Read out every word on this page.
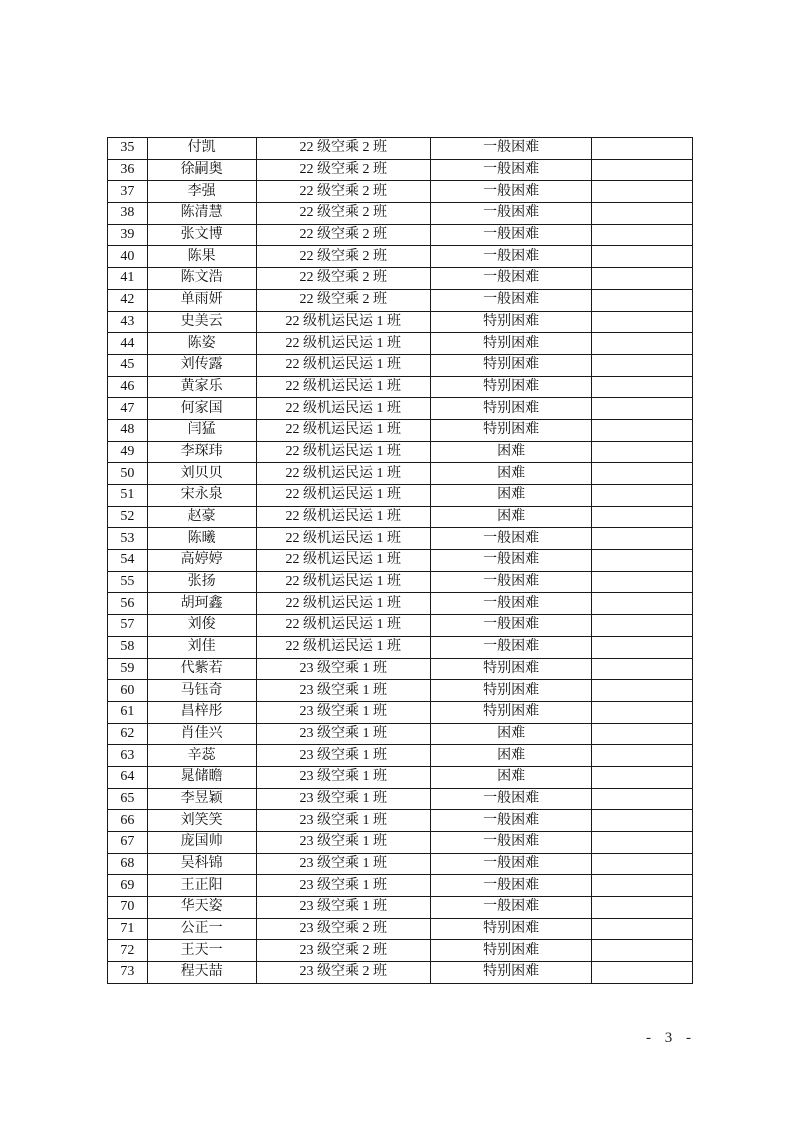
35	付凯	22 级空乘 2 班	一般困难	
36	徐嗣奥	22 级空乘 2 班	一般困难	
37	李强	22 级空乘 2 班	一般困难	
38	陈清慧	22 级空乘 2 班	一般困难	
39	张文博	22 级空乘 2 班	一般困难	
40	陈果	22 级空乘 2 班	一般困难	
41	陈文浩	22 级空乘 2 班	一般困难	
42	单雨妍	22 级空乘 2 班	一般困难	
43	史美云	22 级机运民运 1 班	特别困难	
44	陈姿	22 级机运民运 1 班	特别困难	
45	刘传露	22 级机运民运 1 班	特别困难	
46	黄家乐	22 级机运民运 1 班	特别困难	
47	何家国	22 级机运民运 1 班	特别困难	
48	闫猛	22 级机运民运 1 班	特别困难	
49	李琛玮	22 级机运民运 1 班	困难	
50	刘贝贝	22 级机运民运 1 班	困难	
51	宋永泉	22 级机运民运 1 班	困难	
52	赵豪	22 级机运民运 1 班	困难	
53	陈曦	22 级机运民运 1 班	一般困难	
54	高婷婷	22 级机运民运 1 班	一般困难	
55	张扬	22 级机运民运 1 班	一般困难	
56	胡珂鑫	22 级机运民运 1 班	一般困难	
57	刘俊	22 级机运民运 1 班	一般困难	
58	刘佳	22 级机运民运 1 班	一般困难	
59	代紫若	23 级空乘 1 班	特别困难	
60	马钰奇	23 级空乘 1 班	特别困难	
61	昌梓彤	23 级空乘 1 班	特别困难	
62	肖佳兴	23 级空乘 1 班	困难	
63	辛蕊	23 级空乘 1 班	困难	
64	晁储瞻	23 级空乘 1 班	困难	
65	李昱颖	23 级空乘 1 班	一般困难	
66	刘笑笑	23 级空乘 1 班	一般困难	
67	庞国帅	23 级空乘 1 班	一般困难	
68	吴科锦	23 级空乘 1 班	一般困难	
69	王正阳	23 级空乘 1 班	一般困难	
70	华天姿	23 级空乘 1 班	一般困难	
71	公正一	23 级空乘 2 班	特别困难	
72	王天一	23 级空乘 2 班	特别困难	
73	程天喆	23 级空乘 2 班	特别困难	
- 3 -
